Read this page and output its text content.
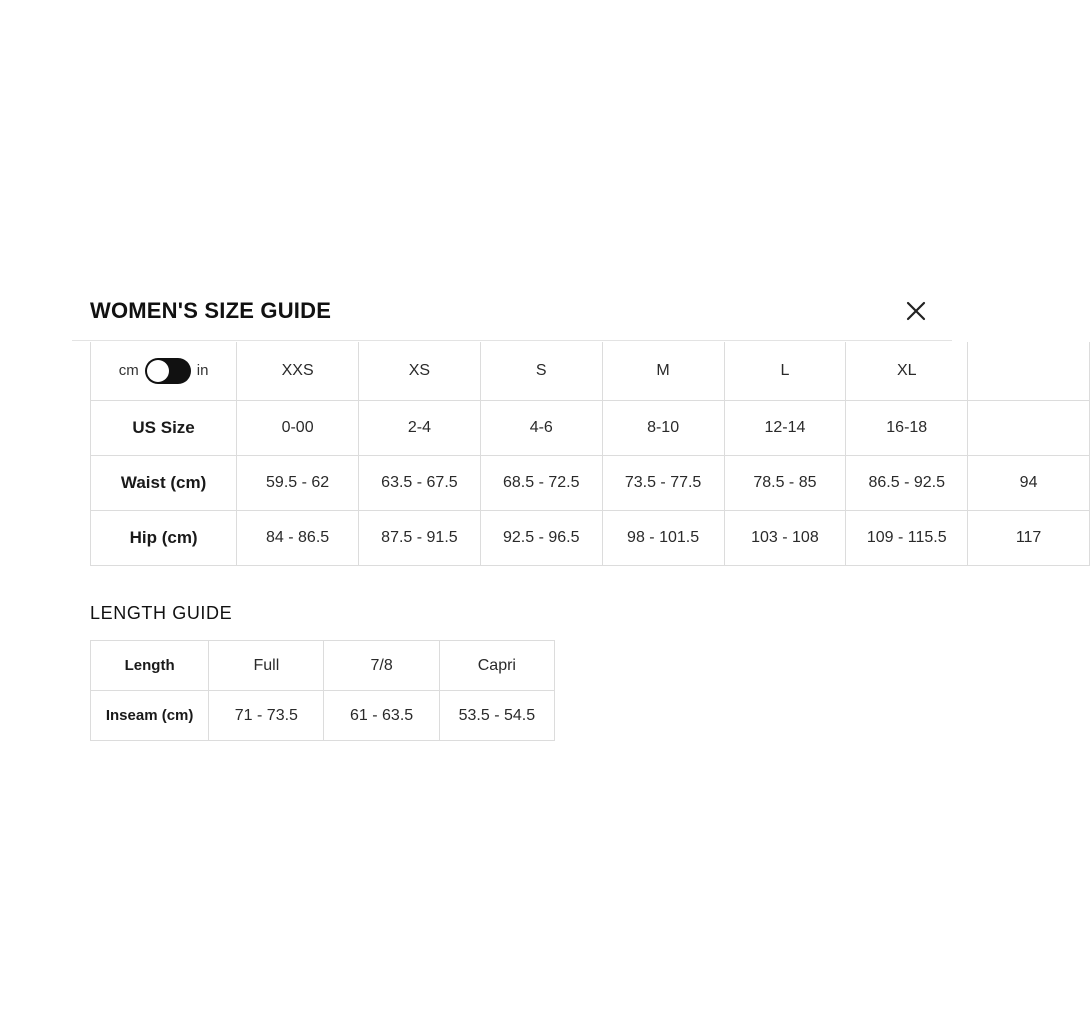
WOMEN'S SIZE GUIDE
cm in	XXS	XS	S	M	L	XL	
US Size	0-00	2-4	4-6	8-10	12-14	16-18	
Waist (cm)	59.5 - 62	63.5 - 67.5	68.5 - 72.5	73.5 - 77.5	78.5 - 85	86.5 - 92.5	94
Hip (cm)	84 - 86.5	87.5 - 91.5	92.5 - 96.5	98 - 101.5	103 - 108	109 - 115.5	117
LENGTH GUIDE
Length	Full	7/8	Capri
Inseam (cm)	71 - 73.5	61 - 63.5	53.5 - 54.5
